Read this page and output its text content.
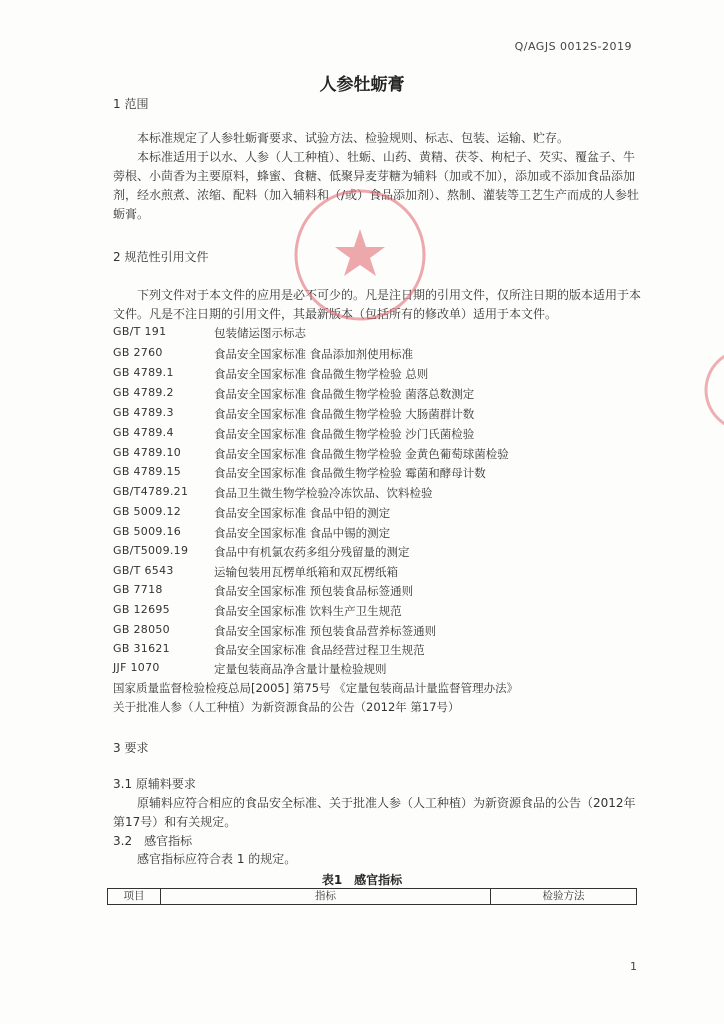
Q/AGJS 0012S-2019
人参牡蛎膏
1 范围
本标准规定了人参牡蛎膏要求、试验方法、检验规则、标志、包装、运输、贮存。
本标准适用于以水、人参（人工种植）、牡蛎、山药、黄精、茯苓、枸杞子、芡实、覆盆子、牛蒡根、小茴香为主要原料，蜂蜜、食糖、低聚异麦芽糖为辅料（加或不加），添加或不添加食品添加剂，经水煎煮、浓缩、配料（加入辅料和（/或）食品添加剂）、熬制、灌装等工艺生产而成的人参牡蛎膏。
2 规范性引用文件
下列文件对于本文件的应用是必不可少的。凡是注日期的引用文件，仅所注日期的版本适用于本文件。凡是不注日期的引用文件，其最新版本（包括所有的修改单）适用于本文件。
GB/T 191	包装储运图示标志
GB 2760	食品安全国家标准 食品添加剂使用标准
GB 4789.1	食品安全国家标准 食品微生物学检验 总则
GB 4789.2	食品安全国家标准 食品微生物学检验 菌落总数测定
GB 4789.3	食品安全国家标准 食品微生物学检验 大肠菌群计数
GB 4789.4	食品安全国家标准 食品微生物学检验 沙门氏菌检验
GB 4789.10	食品安全国家标准 食品微生物学检验 金黄色葡萄球菌检验
GB 4789.15	食品安全国家标准 食品微生物学检验 霉菌和酵母计数
GB/T4789.21	食品卫生微生物学检验冷冻饮品、饮料检验
GB 5009.12	食品安全国家标准 食品中铅的测定
GB 5009.16	食品安全国家标准 食品中锡的测定
GB/T5009.19	食品中有机氯农药多组分残留量的测定
GB/T 6543	运输包装用瓦楞单纸箱和双瓦楞纸箱
GB 7718	食品安全国家标准 预包装食品标签通则
GB 12695	食品安全国家标准 饮料生产卫生规范
GB 28050	食品安全国家标准 预包装食品营养标签通则
GB 31621	食品安全国家标准 食品经营过程卫生规范
JJF 1070	定量包装商品净含量计量检验规则
国家质量监督检验检疫总局[2005] 第75号 《定量包装商品计量监督管理办法》
关于批准人参（人工种植）为新资源食品的公告（2012年 第17号）
3 要求
3.1 原辅料要求
原辅料应符合相应的食品安全标准、关于批准人参（人工种植）为新资源食品的公告（2012年 第17号）和有关规定。
3.2　感官指标
感官指标应符合表 1 的规定。
表1　感官指标
项目	指标	检验方法
1
